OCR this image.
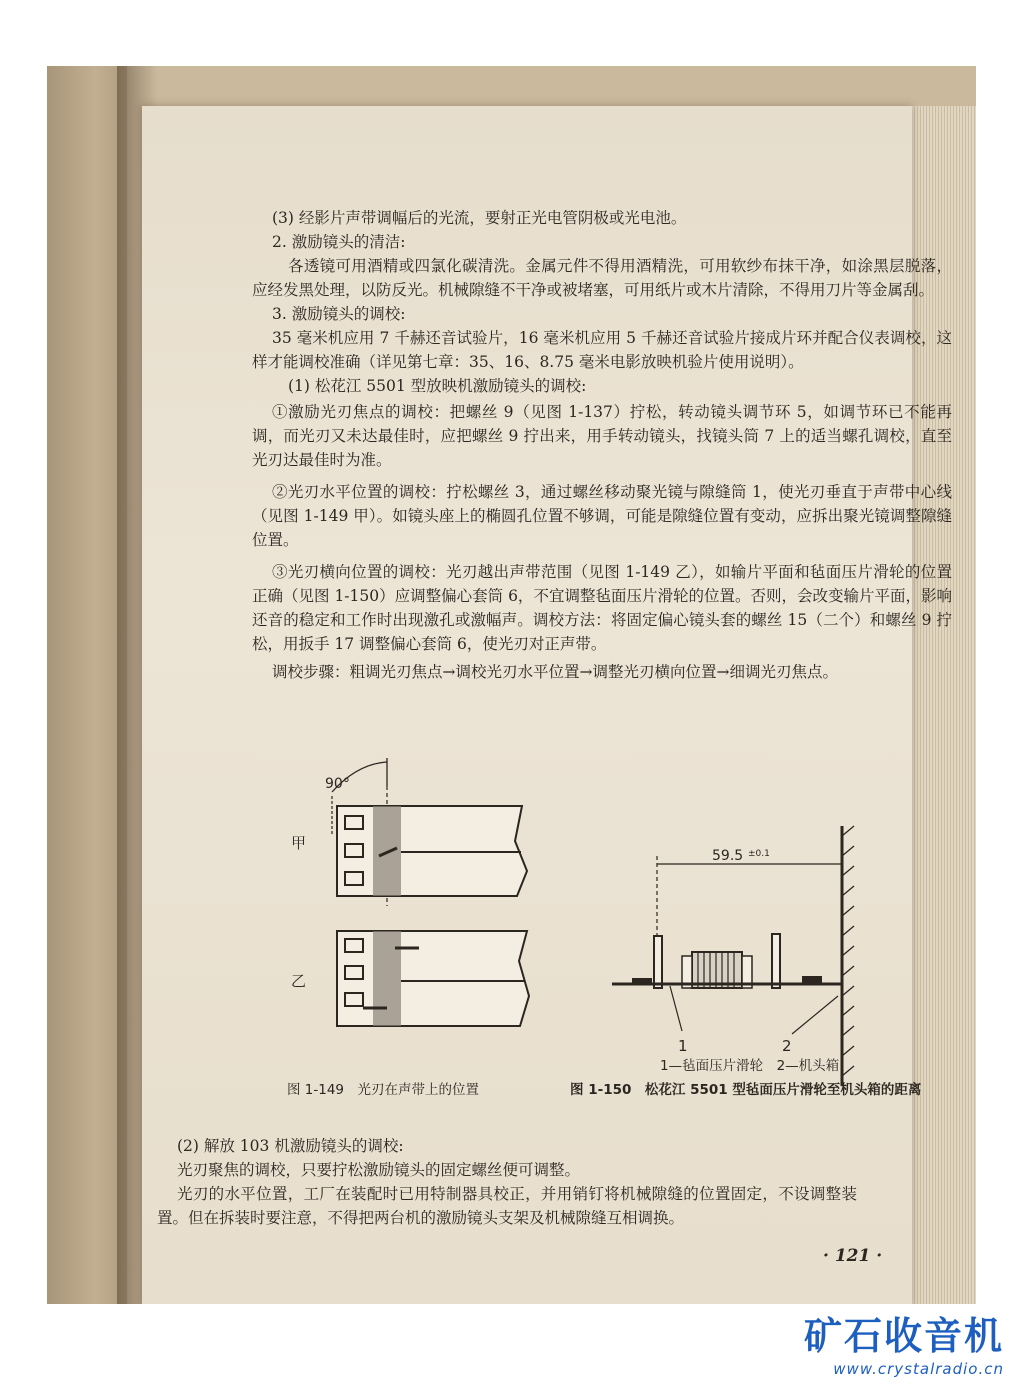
(3) 经影片声带调幅后的光流，要射正光电管阴极或光电池。

2. 激励镜头的清洁:

各透镜可用酒精或四氯化碳清洗。金属元件不得用酒精洗，可用软纱布抹干净，如涂黑层脱落，应经发黑处理，以防反光。机械隙缝不干净或被堵塞，可用纸片或木片清除，不得用刀片等金属刮。

3. 激励镜头的调校:

35 毫米机应用 7 千赫还音试验片，16 毫米机应用 5 千赫还音试验片接成片环并配合仪表调校，这样才能调校准确（详见第七章：35、16、8.75 毫米电影放映机验片使用说明）。

(1) 松花江 5501 型放映机激励镜头的调校:

①激励光刃焦点的调校：把螺丝 9（见图 1-137）拧松，转动镜头调节环 5，如调节环已不能再调，而光刃又未达最佳时，应把螺丝 9 拧出来，用手转动镜头，找镜头筒 7 上的适当螺孔调校，直至光刃达最佳时为准。

②光刃水平位置的调校：拧松螺丝 3，通过螺丝移动聚光镜与隙缝筒 1，使光刃垂直于声带中心线（见图 1-149 甲）。如镜头座上的椭圆孔位置不够调，可能是隙缝位置有变动，应拆出聚光镜调整隙缝位置。

③光刃横向位置的调校：光刃越出声带范围（见图 1-149 乙），如输片平面和毡面压片滑轮的位置正确（见图 1-150）应调整偏心套筒 6，不宜调整毡面压片滑轮的位置。否则，会改变输片平面，影响还音的稳定和工作时出现激孔或激幅声。调校方法：将固定偏心镜头套的螺丝 15（二个）和螺丝 9 拧松，用扳手 17 调整偏心套筒 6，使光刃对正声带。

调校步骤：粗调光刃焦点→调校光刃水平位置→调整光刃横向位置→细调光刃焦点。

90°
甲
乙
图 1-149　光刃在声带上的位置
59.5 ±0.1
1	2
1—毡面压片滑轮　2—机头箱
图 1-150　松花江 5501 型毡面压片滑轮至机头箱的距离

(2) 解放 103 机激励镜头的调校:

光刃聚焦的调校，只要拧松激励镜头的固定螺丝便可调整。

光刃的水平位置，工厂在装配时已用特制器具校正，并用销钉将机械隙缝的位置固定，不设调整装置。但在拆装时要注意，不得把两台机的激励镜头支架及机械隙缝互相调换。

· 121 ·
矿石收音机
www.crystalradio.cn
